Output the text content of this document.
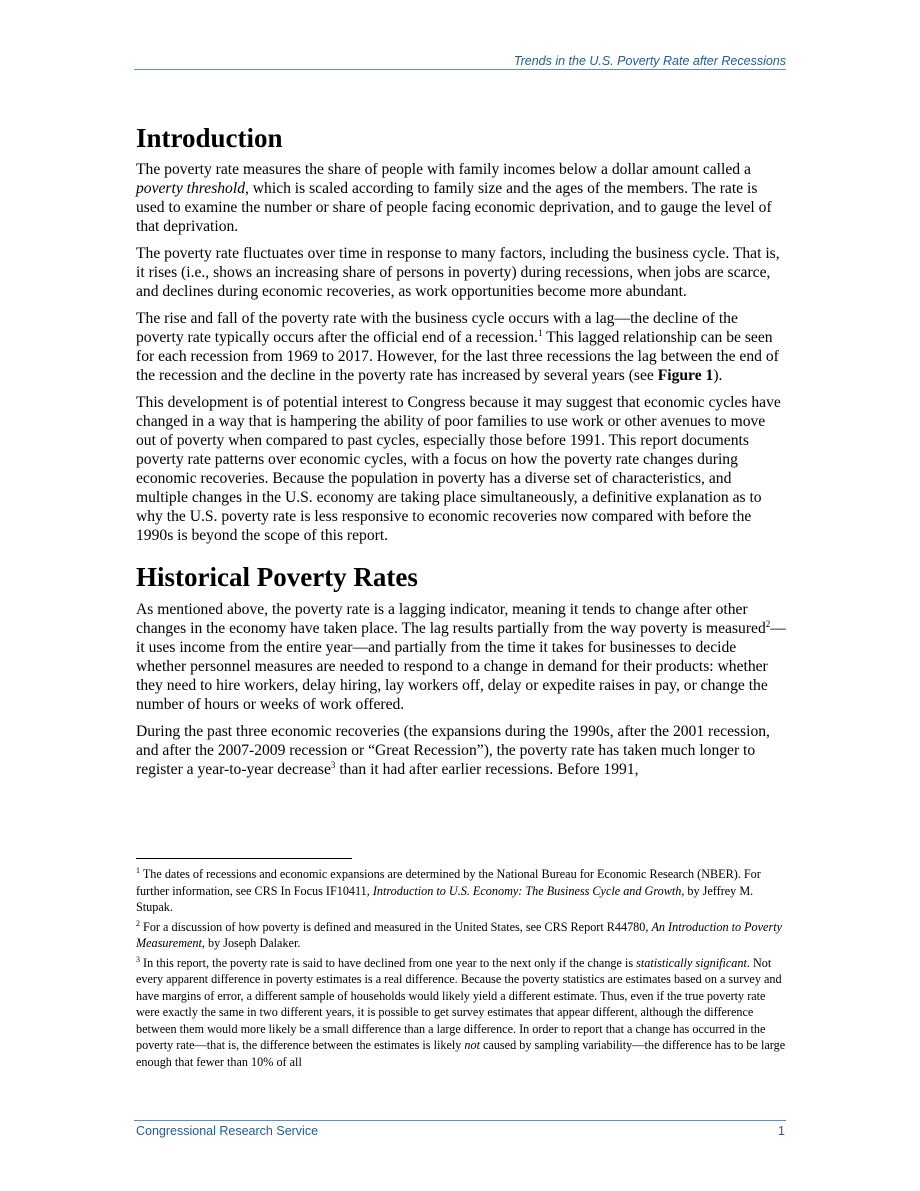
Trends in the U.S. Poverty Rate after Recessions
Introduction

The poverty rate measures the share of people with family incomes below a dollar amount called a poverty threshold, which is scaled according to family size and the ages of the members. The rate is used to examine the number or share of people facing economic deprivation, and to gauge the level of that deprivation.

The poverty rate fluctuates over time in response to many factors, including the business cycle. That is, it rises (i.e., shows an increasing share of persons in poverty) during recessions, when jobs are scarce, and declines during economic recoveries, as work opportunities become more abundant.

The rise and fall of the poverty rate with the business cycle occurs with a lag—the decline of the poverty rate typically occurs after the official end of a recession.$^1$ This lagged relationship can be seen for each recession from 1969 to 2017. However, for the last three recessions the lag between the end of the recession and the decline in the poverty rate has increased by several years (see Figure 1).

This development is of potential interest to Congress because it may suggest that economic cycles have changed in a way that is hampering the ability of poor families to use work or other avenues to move out of poverty when compared to past cycles, especially those before 1991. This report documents poverty rate patterns over economic cycles, with a focus on how the poverty rate changes during economic recoveries. Because the population in poverty has a diverse set of characteristics, and multiple changes in the U.S. economy are taking place simultaneously, a definitive explanation as to why the U.S. poverty rate is less responsive to economic recoveries now compared with before the 1990s is beyond the scope of this report.

Historical Poverty Rates

As mentioned above, the poverty rate is a lagging indicator, meaning it tends to change after other changes in the economy have taken place. The lag results partially from the way poverty is measured$^2$—it uses income from the entire year—and partially from the time it takes for businesses to decide whether personnel measures are needed to respond to a change in demand for their products: whether they need to hire workers, delay hiring, lay workers off, delay or expedite raises in pay, or change the number of hours or weeks of work offered.

During the past three economic recoveries (the expansions during the 1990s, after the 2001 recession, and after the 2007-2009 recession or “Great Recession”), the poverty rate has taken much longer to register a year-to-year decrease$^3$ than it had after earlier recessions. Before 1991,

$^1$ The dates of recessions and economic expansions are determined by the National Bureau for Economic Research (NBER). For further information, see CRS In Focus IF10411, Introduction to U.S. Economy: The Business Cycle and Growth, by Jeffrey M. Stupak.

$^2$ For a discussion of how poverty is defined and measured in the United States, see CRS Report R44780, An Introduction to Poverty Measurement, by Joseph Dalaker.

$^3$ In this report, the poverty rate is said to have declined from one year to the next only if the change is statistically significant. Not every apparent difference in poverty estimates is a real difference. Because the poverty statistics are estimates based on a survey and have margins of error, a different sample of households would likely yield a different estimate. Thus, even if the true poverty rate were exactly the same in two different years, it is possible to get survey estimates that appear different, although the difference between them would more likely be a small difference than a large difference. In order to report that a change has occurred in the poverty rate—that is, the difference between the estimates is likely not caused by sampling variability—the difference has to be large enough that fewer than 10% of all

Congressional Research Service	1
